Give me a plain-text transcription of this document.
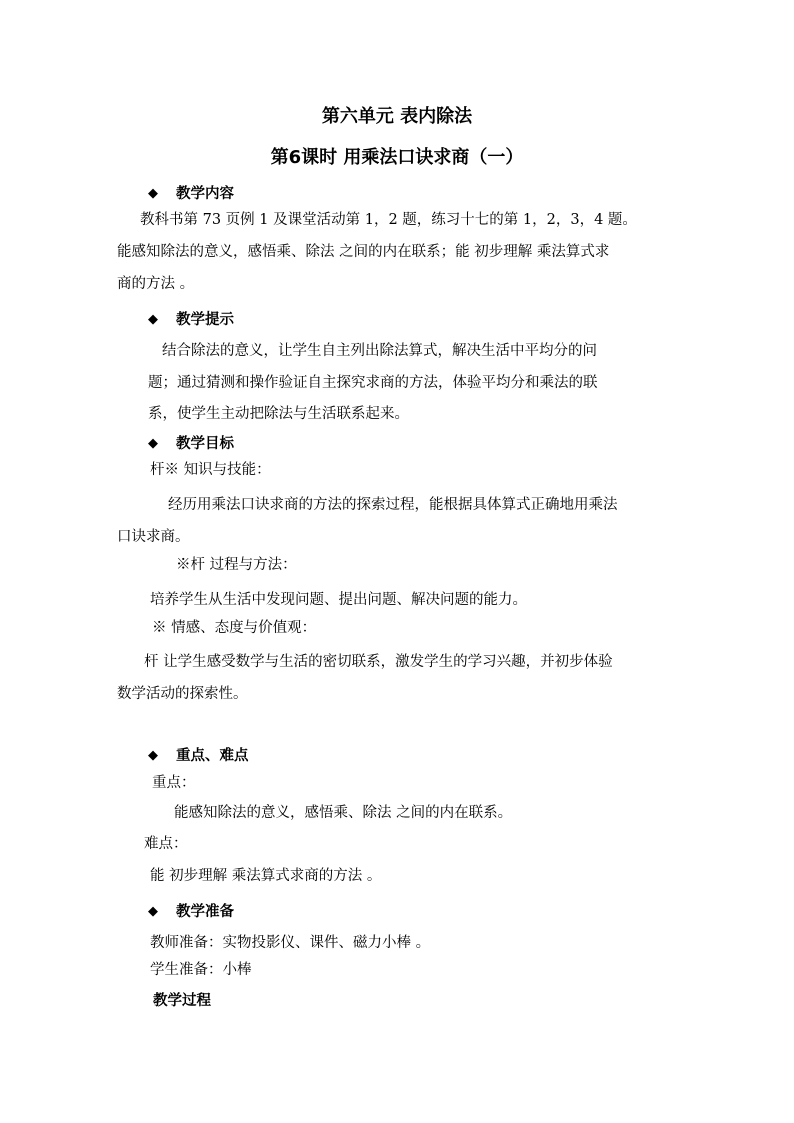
第六单元 表内除法
第6课时 用乘法口诀求商（一）
◆ 教学内容
教科书第 73 页例 1 及课堂活动第 1，2 题，练习十七的第 1，2，3，4 题。
能感知除法的意义，感悟乘、除法 之间的内在联系；能 初步理解 乘法算式求
商的方法 。
◆ 教学提示
结合除法的意义，让学生自主列出除法算式，解决生活中平均分的问
题；通过猜测和操作验证自主探究求商的方法，体验平均分和乘法的联
系，使学生主动把除法与生活联系起来。
◆ 教学目标
杆※ 知识与技能：
经历用乘法口诀求商的方法的探索过程，能根据具体算式正确地用乘法
口诀求商。
※杆 过程与方法：
培养学生从生活中发现问题、提出问题、解决问题的能力。
※ 情感、态度与价值观：
杆 让学生感受数学与生活的密切联系，激发学生的学习兴趣，并初步体验
数学活动的探索性。
◆ 重点、难点
重点：
能感知除法的意义，感悟乘、除法 之间的内在联系。
难点：
能 初步理解 乘法算式求商的方法 。
◆ 教学准备
教师准备：实物投影仪、课件、磁力小棒 。
学生准备：小棒
教学过程
